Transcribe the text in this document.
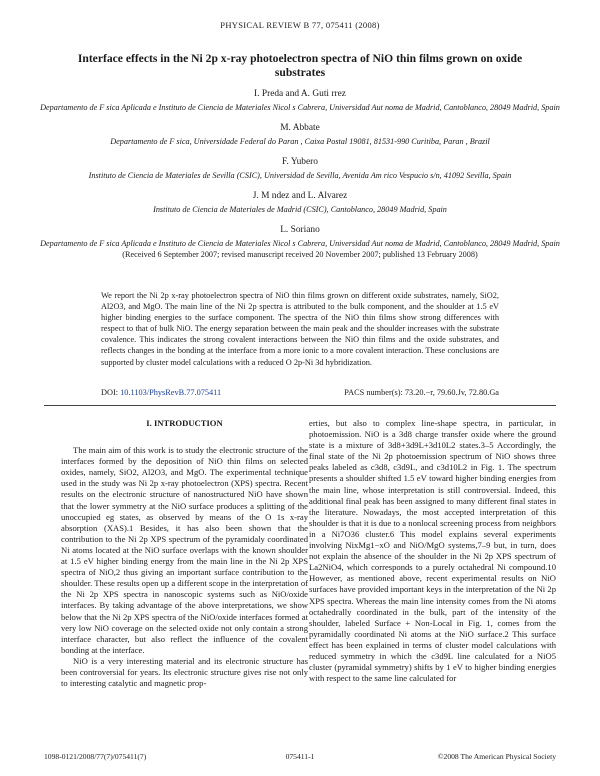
PHYSICAL REVIEW B 77, 075411 (2008)
Interface effects in the Ni 2p x-ray photoelectron spectra of NiO thin films grown on oxide substrates

I. Preda and A. Guti rrez

Departamento de F sica Aplicada e Instituto de Ciencia de Materiales Nicol s Cabrera, Universidad Aut noma de Madrid, Cantoblanco, 28049 Madrid, Spain

M. Abbate

Departamento de F sica, Universidade Federal do Paran , Caixa Postal 19081, 81531-990 Curitiba, Paran , Brazil

F. Yubero

Instituto de Ciencia de Materiales de Sevilla (CSIC), Universidad de Sevilla, Avenida Am rico Vespucio s/n, 41092 Sevilla, Spain

J. M ndez and L. Alvarez

Instituto de Ciencia de Materiales de Madrid (CSIC), Cantoblanco, 28049 Madrid, Spain

L. Soriano

Departamento de F sica Aplicada e Instituto de Ciencia de Materiales Nicol s Cabrera, Universidad Aut noma de Madrid, Cantoblanco, 28049 Madrid, Spain

(Received 6 September 2007; revised manuscript received 20 November 2007; published 13 February 2008)

We report the Ni 2p x-ray photoelectron spectra of NiO thin films grown on different oxide substrates, namely, SiO2, Al2O3, and MgO. The main line of the Ni 2p spectra is attributed to the bulk component, and the shoulder at 1.5 eV higher binding energies to the surface component. The spectra of the NiO thin films show strong differences with respect to that of bulk NiO. The energy separation between the main peak and the shoulder increases with the substrate covalence. This indicates the strong covalent interactions between the NiO thin films and the oxide substrates, and reflects changes in the bonding at the interface from a more ionic to a more covalent interaction. These conclusions are supported by cluster model calculations with a reduced O 2p-Ni 3d hybridization.

DOI: 10.1103/PhysRevB.77.075411	PACS number(s): 73.20.−r, 79.60.Jv, 72.80.Ga
I. INTRODUCTION

The main aim of this work is to study the electronic structure of the interfaces formed by the deposition of NiO thin films on selected oxides, namely, SiO2, Al2O3, and MgO. The experimental technique used in the study was Ni 2p x-ray photoelectron (XPS) spectra. Recent results on the electronic structure of nanostructured NiO have shown that the lower symmetry at the NiO surface produces a splitting of the unoccupied eg states, as observed by means of the O 1s x-ray absorption (XAS).1 Besides, it has also been shown that the contribution to the Ni 2p XPS spectrum of the pyramidaly coordinated Ni atoms located at the NiO surface overlaps with the known shoulder at 1.5 eV higher binding energy from the main line in the Ni 2p XPS spectra of NiO,2 thus giving an important surface contribution to the shoulder. These results open up a different scope in the interpretation of the Ni 2p XPS spectra in nanoscopic systems such as NiO/oxide interfaces. By taking advantage of the above interpretations, we show below that the Ni 2p XPS spectra of the NiO/oxide interfaces formed at very low NiO coverage on the selected oxide not only contain a strong interface character, but also reflect the influence of the covalent bonding at the interface.

NiO is a very interesting material and its electronic structure has been controversial for years. Its electronic structure gives rise not only to interesting catalytic and magnetic prop-

erties, but also to complex line-shape spectra, in particular, in photoemission. NiO is a 3d8 charge transfer oxide where the ground state is a mixture of 3d8+3d9L+3d10L2 states.3–5 Accordingly, the final state of the Ni 2p photoemission spectrum of NiO shows three peaks labeled as c3d8, c3d9L, and c3d10L2 in Fig. 1. The spectrum presents a shoulder shifted 1.5 eV toward higher binding energies from the main line, whose interpretation is still controversial. Indeed, this additional final peak has been assigned to many different final states in the literature. Nowadays, the most accepted interpretation of this shoulder is that it is due to a nonlocal screening process from neighbors in a Ni7O36 cluster.6 This model explains several experiments involving NixMg1−xO and NiO/MgO systems,7–9 but, in turn, does not explain the absence of the shoulder in the Ni 2p XPS spectrum of La2NiO4, which corresponds to a purely octahedral Ni compound.10 However, as mentioned above, recent experimental results on NiO surfaces have provided important keys in the interpretation of the Ni 2p XPS spectra. Whereas the main line intensity comes from the Ni atoms octahedrally coordinated in the bulk, part of the intensity of the shoulder, labeled Surface + Non-Local in Fig. 1, comes from the pyramidally coordinated Ni atoms at the NiO surface.2 This surface effect has been explained in terms of cluster model calculations with reduced symmetry in which the c3d9L line calculated for a NiO5 cluster (pyramidal symmetry) shifts by 1 eV to higher binding energies with respect to the same line calculated for

1098-0121/2008/77(7)/075411(7)	075411-1	©2008 The American Physical Society
